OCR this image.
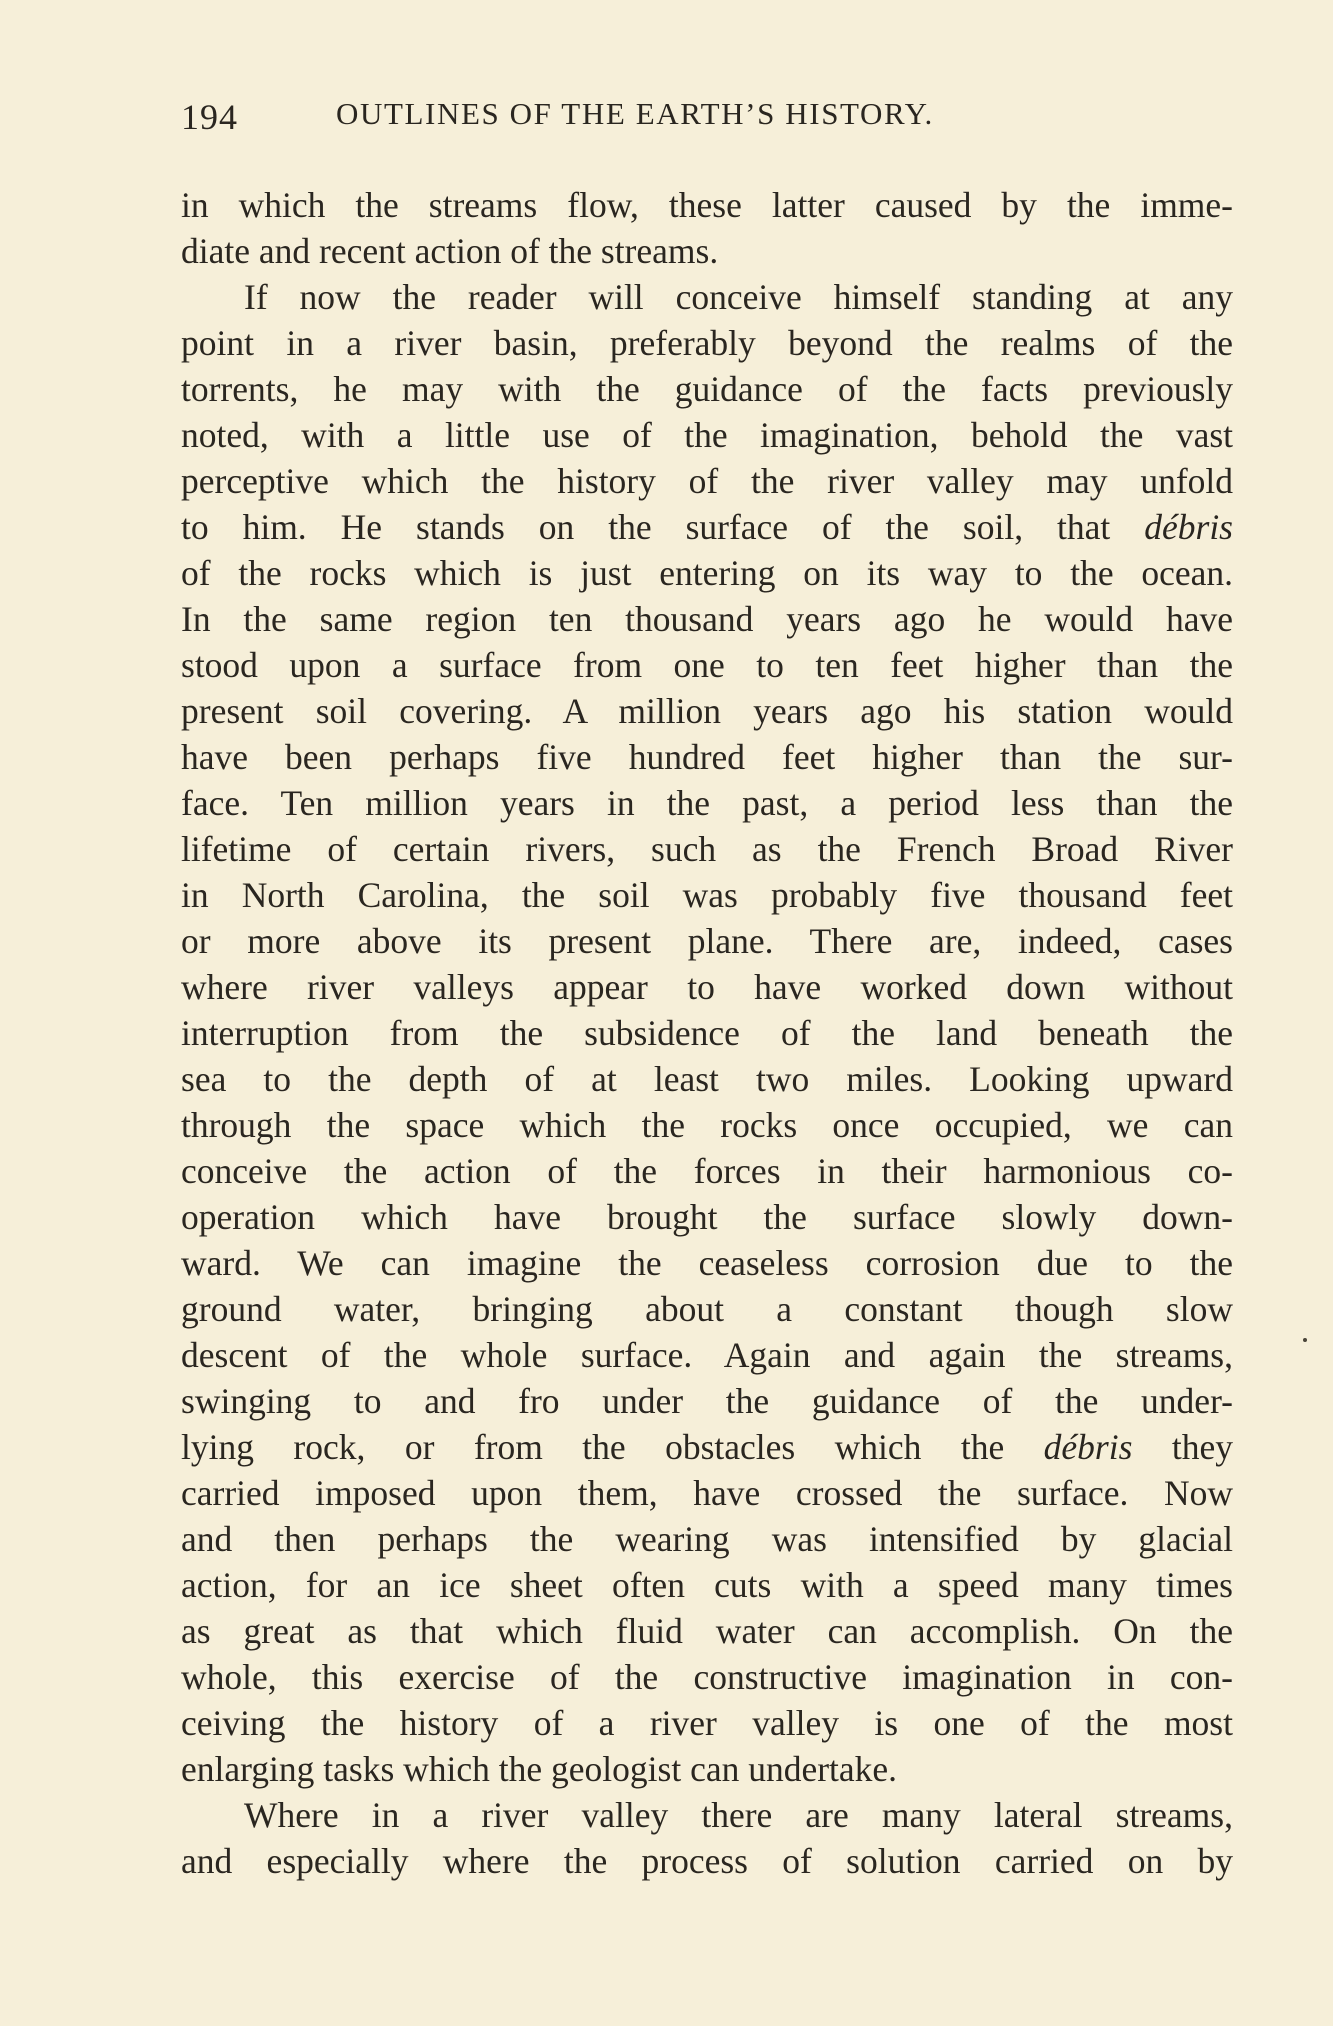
194	OUTLINES OF THE EARTH’S HISTORY.
in which the streams flow, these latter caused by the imme-
diate and recent action of the streams.
If now the reader will conceive himself standing at any
point in a river basin, preferably beyond the realms of the
torrents, he may with the guidance of the facts previously
noted, with a little use of the imagination, behold the vast
perceptive which the history of the river valley may unfold
to him. He stands on the surface of the soil, that débris
of the rocks which is just entering on its way to the ocean.
In the same region ten thousand years ago he would have
stood upon a surface from one to ten feet higher than the
present soil covering. A million years ago his station would
have been perhaps five hundred feet higher than the sur-
face. Ten million years in the past, a period less than the
lifetime of certain rivers, such as the French Broad River
in North Carolina, the soil was probably five thousand feet
or more above its present plane. There are, indeed, cases
where river valleys appear to have worked down without
interruption from the subsidence of the land beneath the
sea to the depth of at least two miles. Looking upward
through the space which the rocks once occupied, we can
conceive the action of the forces in their harmonious co-
operation which have brought the surface slowly down-
ward. We can imagine the ceaseless corrosion due to the
ground water, bringing about a constant though slow
descent of the whole surface. Again and again the streams,
swinging to and fro under the guidance of the under-
lying rock, or from the obstacles which the débris they
carried imposed upon them, have crossed the surface. Now
and then perhaps the wearing was intensified by glacial
action, for an ice sheet often cuts with a speed many times
as great as that which fluid water can accomplish. On the
whole, this exercise of the constructive imagination in con-
ceiving the history of a river valley is one of the most
enlarging tasks which the geologist can undertake.
Where in a river valley there are many lateral streams,
and especially where the process of solution carried on by
